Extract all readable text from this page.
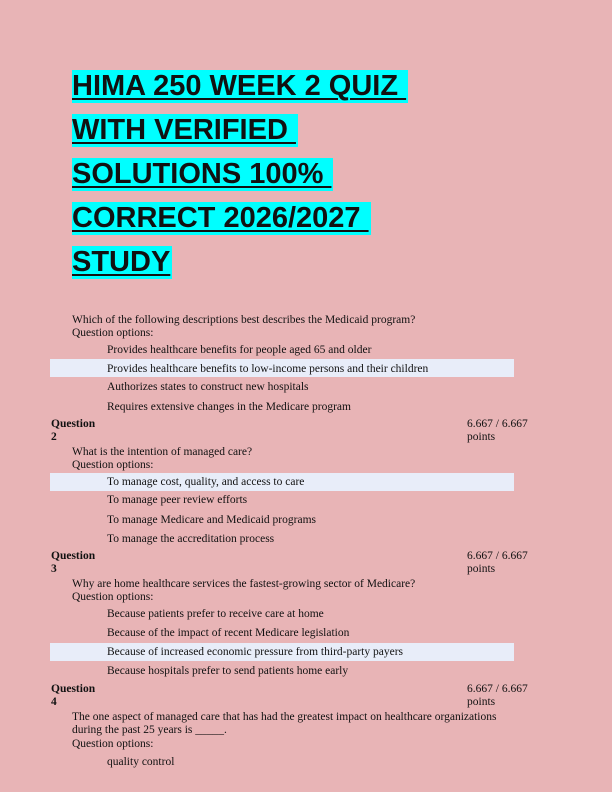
HIMA 250 WEEK 2 QUIZ
WITH VERIFIED
SOLUTIONS 100%
CORRECT 2026/2027
STUDY
Which of the following descriptions best describes the Medicaid program?
Question options:
Provides healthcare benefits for people aged 65 and older
Provides healthcare benefits to low-income persons and their children
Authorizes states to construct new hospitals
Requires extensive changes in the Medicare program
Question
2
6.667 / 6.667
points
What is the intention of managed care?
Question options:
To manage cost, quality, and access to care
To manage peer review efforts
To manage Medicare and Medicaid programs
To manage the accreditation process
Question
3
6.667 / 6.667
points
Why are home healthcare services the fastest-growing sector of Medicare?
Question options:
Because patients prefer to receive care at home
Because of the impact of recent Medicare legislation
Because of increased economic pressure from third-party payers
Because hospitals prefer to send patients home early
Question
4
6.667 / 6.667
points
The one aspect of managed care that has had the greatest impact on healthcare organizations
during the past 25 years is _____.
Question options:
quality control
